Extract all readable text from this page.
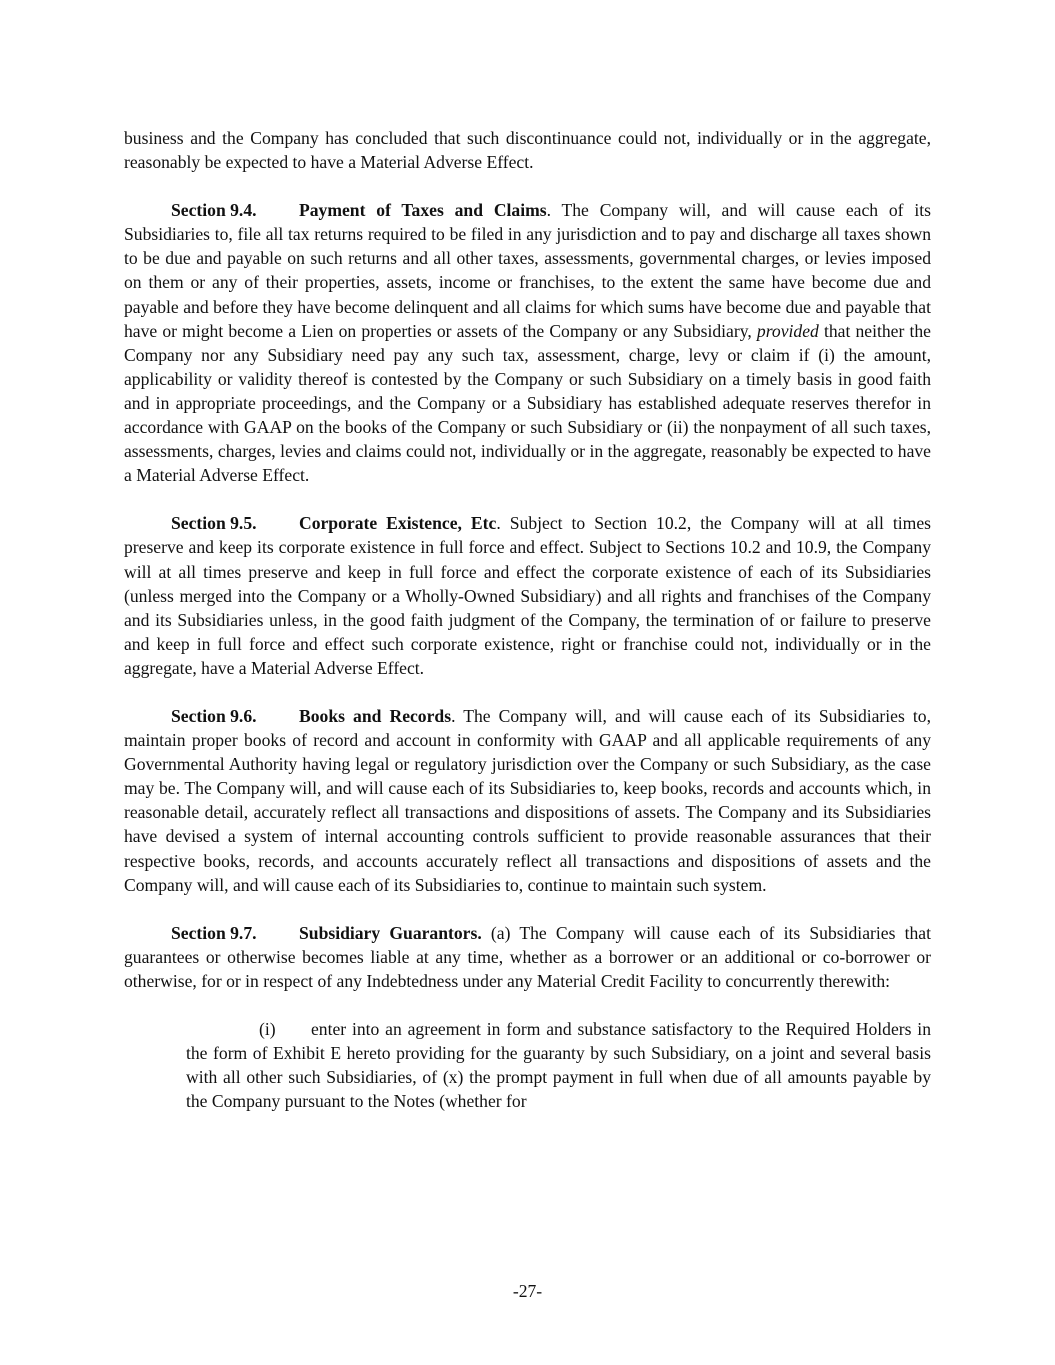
business and the Company has concluded that such discontinuance could not, individually or in the aggregate, reasonably be expected to have a Material Adverse Effect.

Section 9.4. Payment of Taxes and Claims. The Company will, and will cause each of its Subsidiaries to, file all tax returns required to be filed in any jurisdiction and to pay and discharge all taxes shown to be due and payable on such returns and all other taxes, assessments, governmental charges, or levies imposed on them or any of their properties, assets, income or franchises, to the extent the same have become due and payable and before they have become delinquent and all claims for which sums have become due and payable that have or might become a Lien on properties or assets of the Company or any Subsidiary, provided that neither the Company nor any Subsidiary need pay any such tax, assessment, charge, levy or claim if (i) the amount, applicability or validity thereof is contested by the Company or such Subsidiary on a timely basis in good faith and in appropriate proceedings, and the Company or a Subsidiary has established adequate reserves therefor in accordance with GAAP on the books of the Company or such Subsidiary or (ii) the nonpayment of all such taxes, assessments, charges, levies and claims could not, individually or in the aggregate, reasonably be expected to have a Material Adverse Effect.

Section 9.5. Corporate Existence, Etc. Subject to Section 10.2, the Company will at all times preserve and keep its corporate existence in full force and effect. Subject to Sections 10.2 and 10.9, the Company will at all times preserve and keep in full force and effect the corporate existence of each of its Subsidiaries (unless merged into the Company or a Wholly-Owned Subsidiary) and all rights and franchises of the Company and its Subsidiaries unless, in the good faith judgment of the Company, the termination of or failure to preserve and keep in full force and effect such corporate existence, right or franchise could not, individually or in the aggregate, have a Material Adverse Effect.

Section 9.6. Books and Records. The Company will, and will cause each of its Subsidiaries to, maintain proper books of record and account in conformity with GAAP and all applicable requirements of any Governmental Authority having legal or regulatory jurisdiction over the Company or such Subsidiary, as the case may be. The Company will, and will cause each of its Subsidiaries to, keep books, records and accounts which, in reasonable detail, accurately reflect all transactions and dispositions of assets. The Company and its Subsidiaries have devised a system of internal accounting controls sufficient to provide reasonable assurances that their respective books, records, and accounts accurately reflect all transactions and dispositions of assets and the Company will, and will cause each of its Subsidiaries to, continue to maintain such system.

Section 9.7. Subsidiary Guarantors. (a) The Company will cause each of its Subsidiaries that guarantees or otherwise becomes liable at any time, whether as a borrower or an additional or co-borrower or otherwise, for or in respect of any Indebtedness under any Material Credit Facility to concurrently therewith:

(i) enter into an agreement in form and substance satisfactory to the Required Holders in the form of Exhibit E hereto providing for the guaranty by such Subsidiary, on a joint and several basis with all other such Subsidiaries, of (x) the prompt payment in full when due of all amounts payable by the Company pursuant to the Notes (whether for

-27-
